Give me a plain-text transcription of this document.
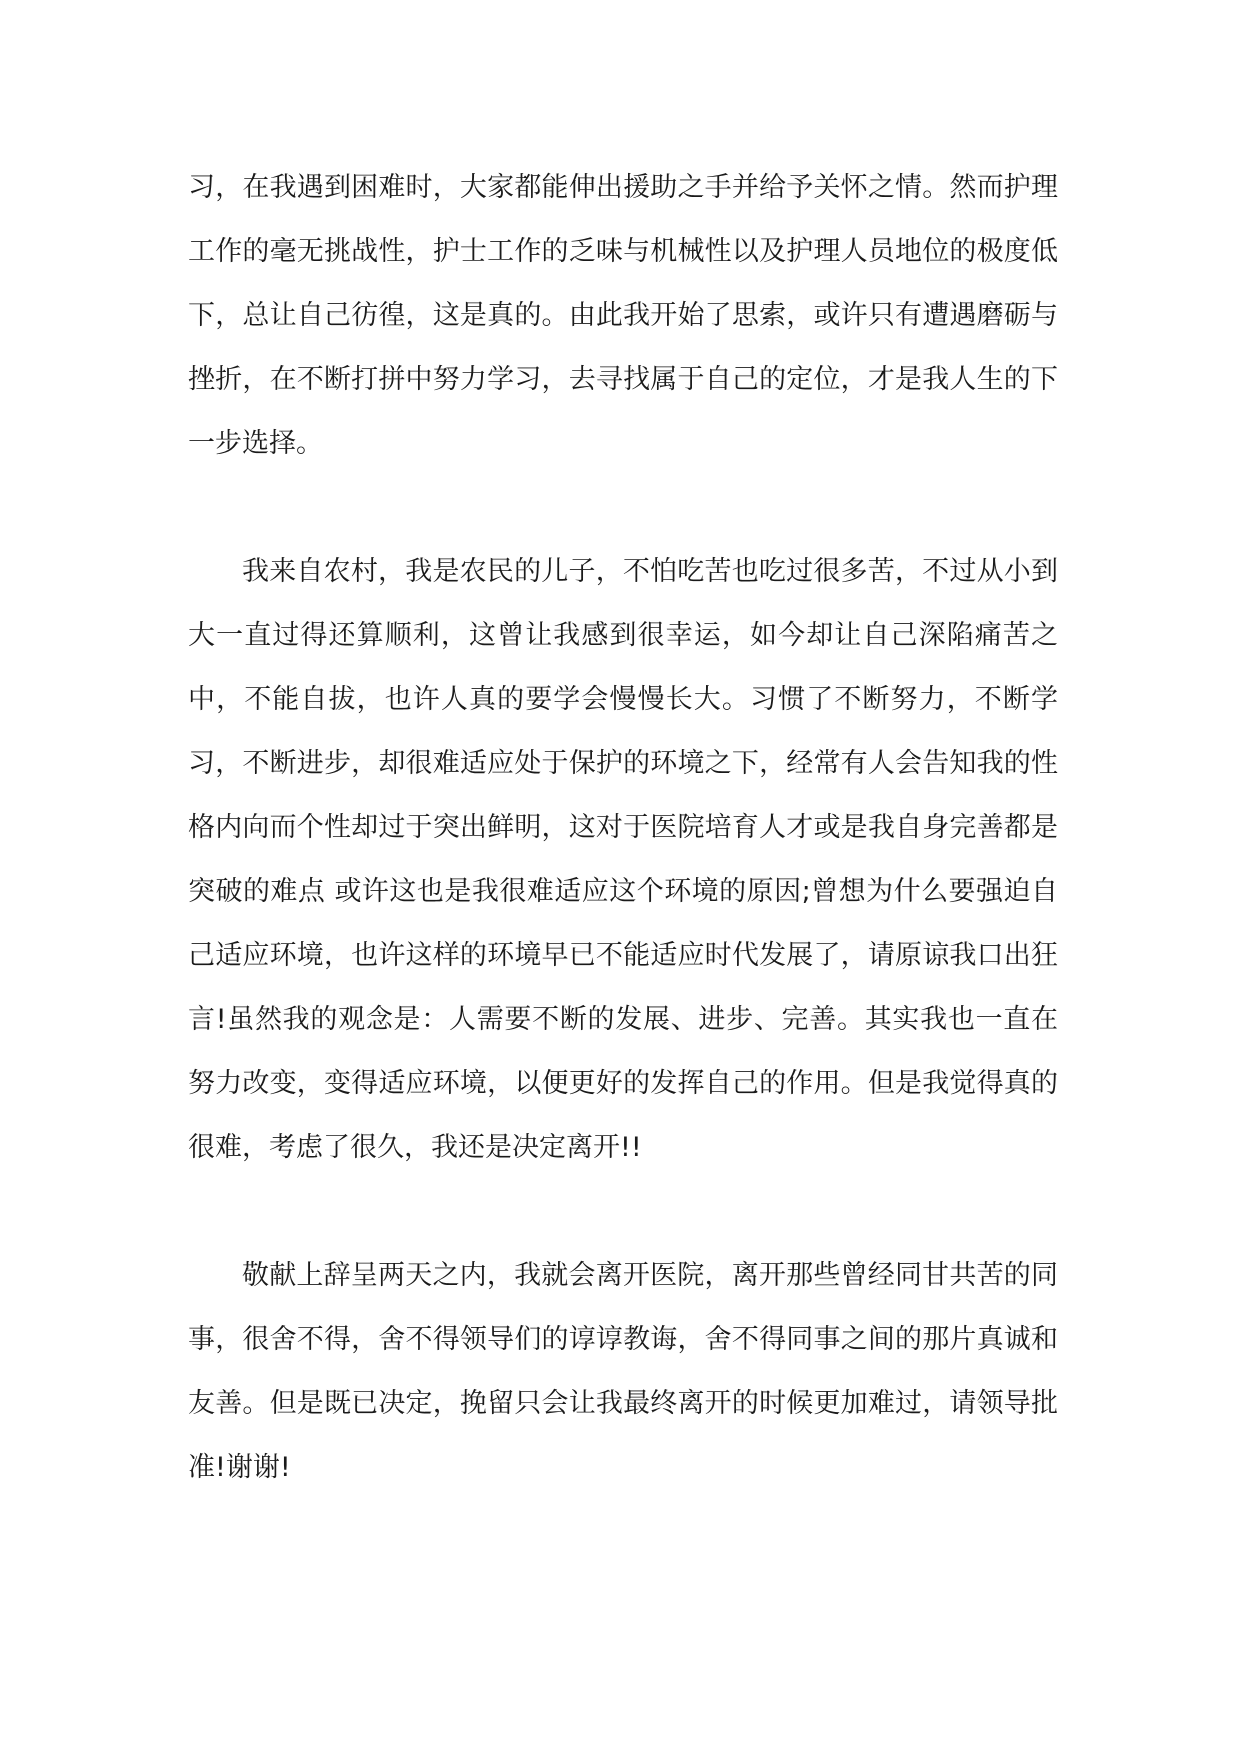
习，在我遇到困难时，大家都能伸出援助之手并给予关怀之情。然而护理工作的毫无挑战性，护士工作的乏味与机械性以及护理人员地位的极度低下，总让自己彷徨，这是真的。由此我开始了思索，或许只有遭遇磨砺与挫折，在不断打拼中努力学习，去寻找属于自己的定位，才是我人生的下一步选择。

我来自农村，我是农民的儿子，不怕吃苦也吃过很多苦，不过从小到大一直过得还算顺利，这曾让我感到很幸运，如今却让自己深陷痛苦之中，不能自拔，也许人真的要学会慢慢长大。习惯了不断努力，不断学习，不断进步，却很难适应处于保护的环境之下，经常有人会告知我的性格内向而个性却过于突出鲜明，这对于医院培育人才或是我自身完善都是突破的难点 或许这也是我很难适应这个环境的原因;曾想为什么要强迫自己适应环境，也许这样的环境早已不能适应时代发展了，请原谅我口出狂言!虽然我的观念是：人需要不断的发展、进步、完善。其实我也一直在努力改变，变得适应环境，以便更好的发挥自己的作用。但是我觉得真的很难，考虑了很久，我还是决定离开!!

敬献上辞呈两天之内，我就会离开医院，离开那些曾经同甘共苦的同事，很舍不得，舍不得领导们的谆谆教诲，舍不得同事之间的那片真诚和友善。但是既已决定，挽留只会让我最终离开的时候更加难过，请领导批准!谢谢!
